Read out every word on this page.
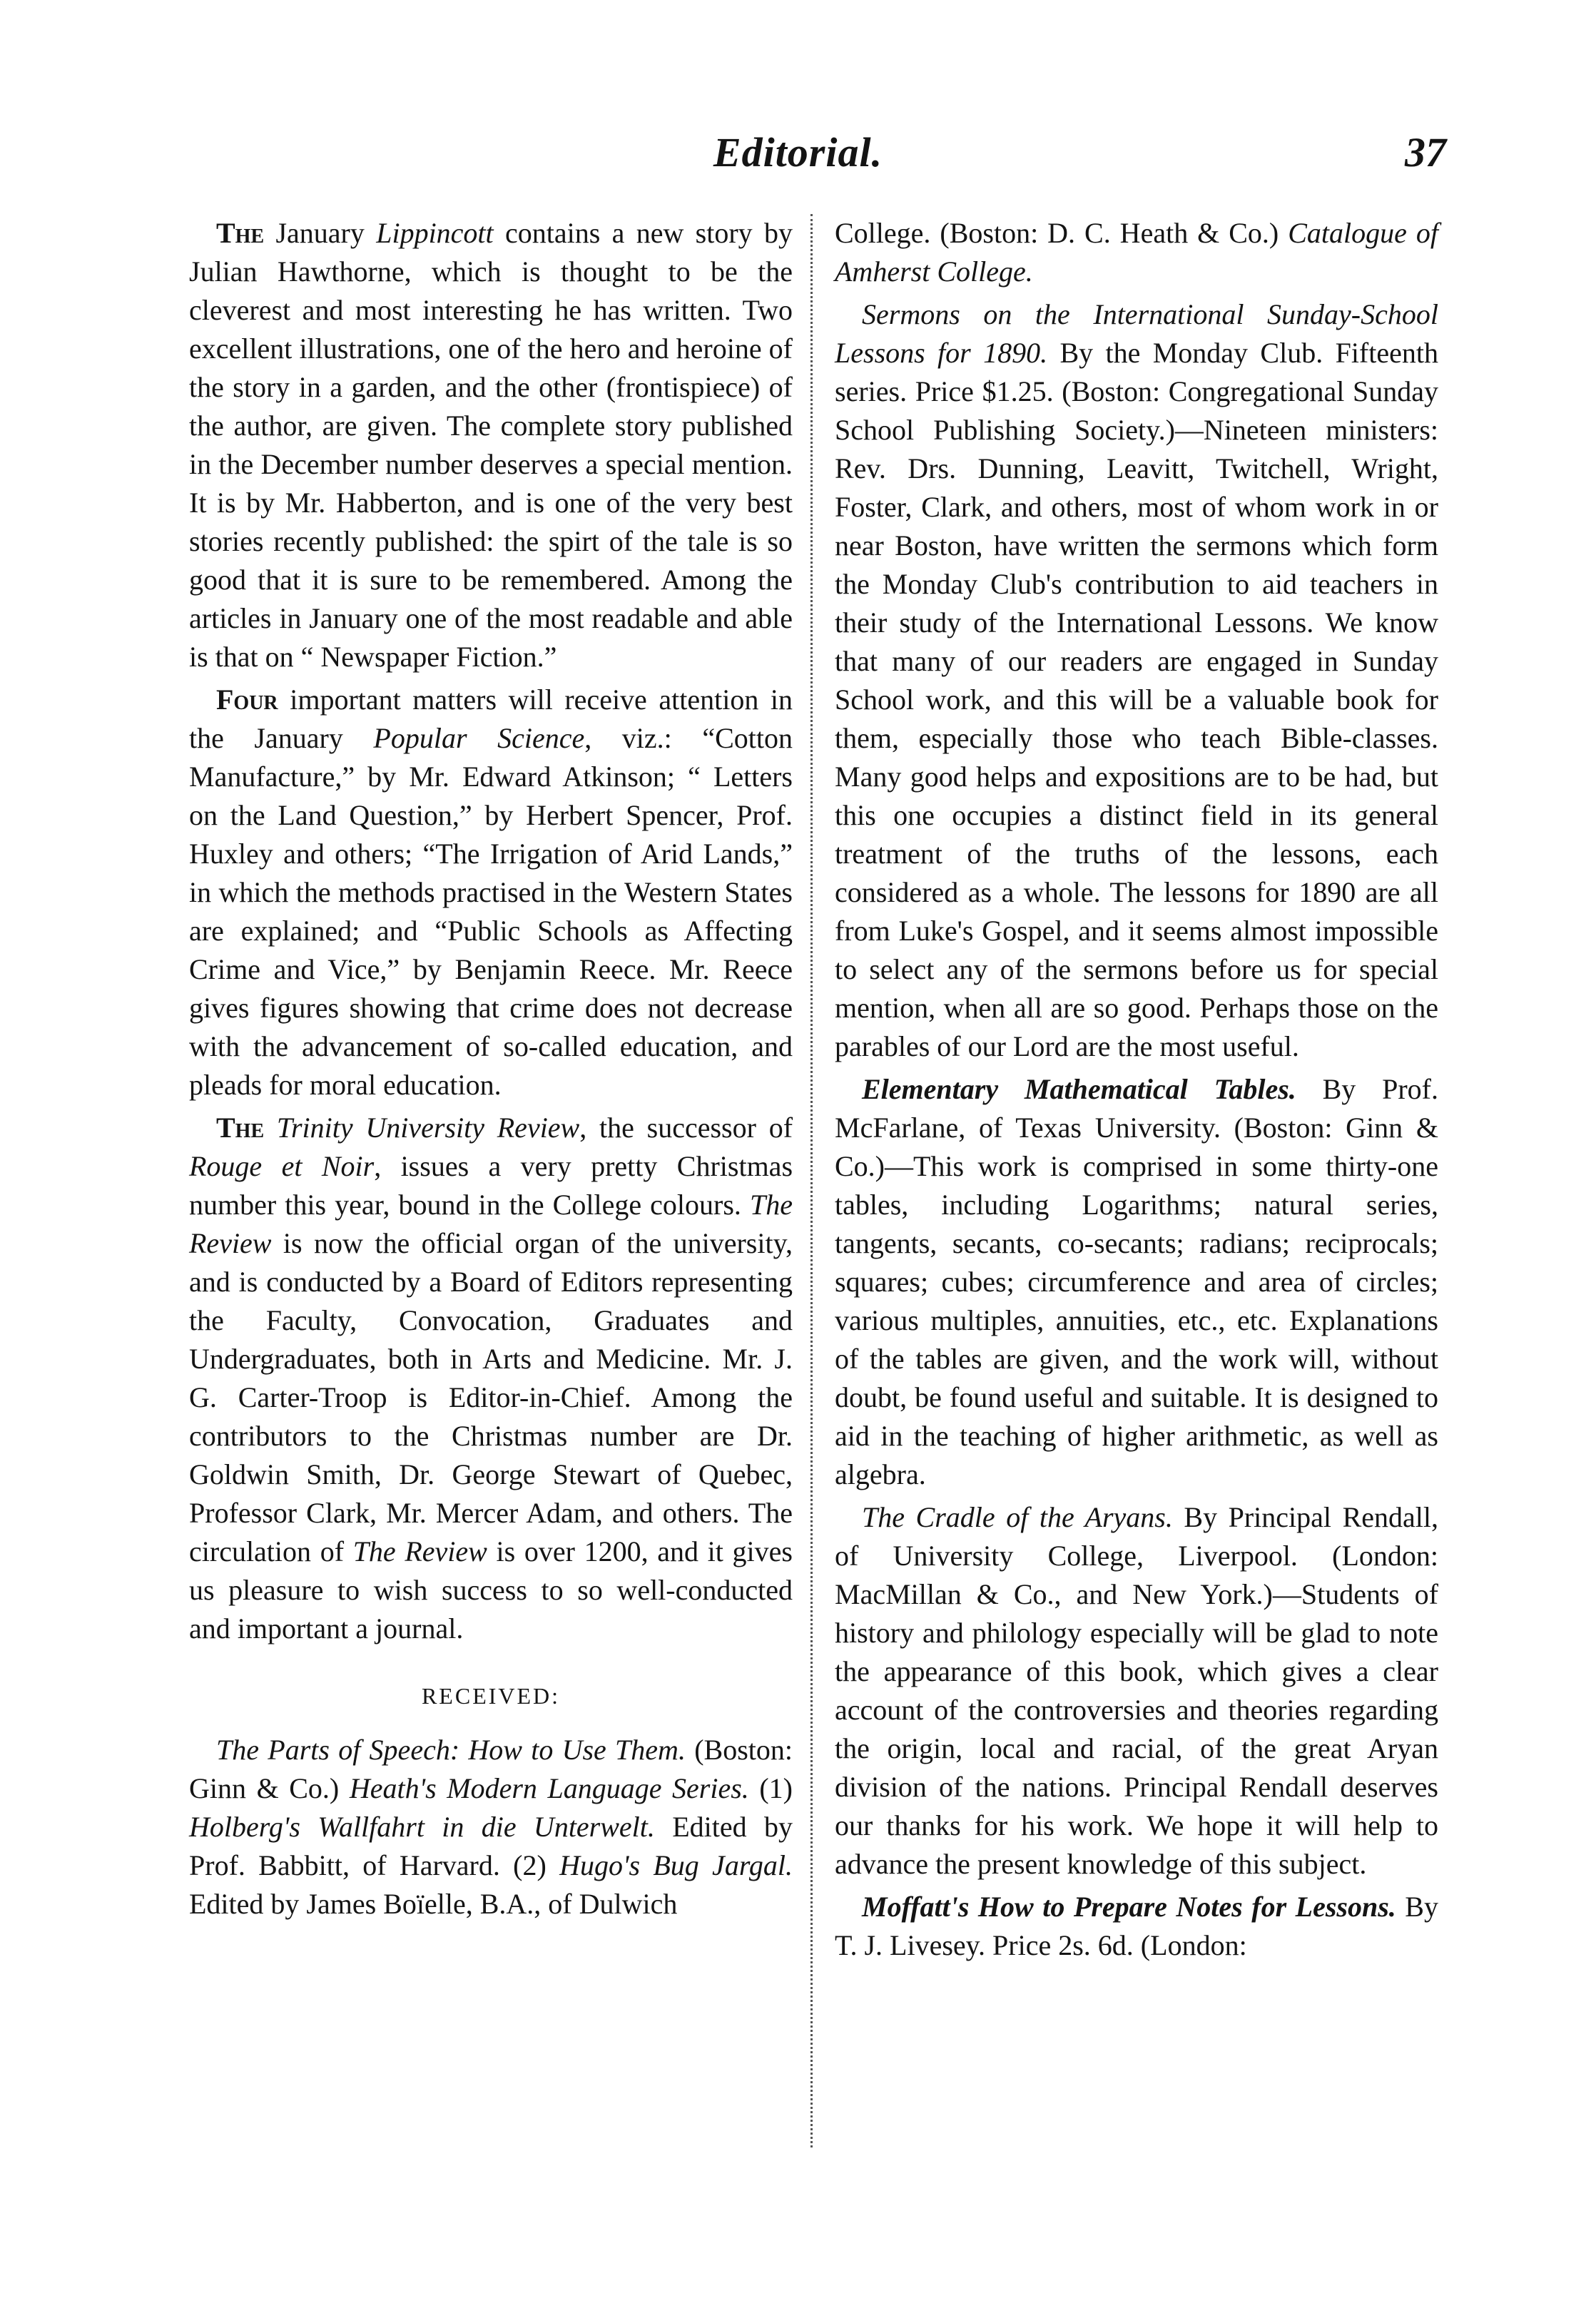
Editorial.	37

The January Lippincott contains a new story by Julian Hawthorne, which is thought to be the cleverest and most interesting he has written. Two excellent illustrations, one of the hero and heroine of the story in a garden, and the other (frontispiece) of the author, are given. The complete story published in the December number deserves a special mention. It is by Mr. Habberton, and is one of the very best stories recently published: the spirt of the tale is so good that it is sure to be remembered. Among the articles in January one of the most readable and able is that on “ Newspaper Fiction.”

Four important matters will receive attention in the January Popular Science, viz.: “Cotton Manufacture,” by Mr. Edward Atkinson; “ Letters on the Land Question,” by Herbert Spencer, Prof. Huxley and others; “The Irrigation of Arid Lands,” in which the methods practised in the Western States are explained; and “Public Schools as Affecting Crime and Vice,” by Benjamin Reece. Mr. Reece gives figures showing that crime does not decrease with the advancement of so-called education, and pleads for moral education.

The Trinity University Review, the successor of Rouge et Noir, issues a very pretty Christmas number this year, bound in the College colours. The Review is now the official organ of the university, and is conducted by a Board of Editors representing the Faculty, Convocation, Graduates and Undergraduates, both in Arts and Medicine. Mr. J. G. Carter-Troop is Editor-in-Chief. Among the contributors to the Christmas number are Dr. Goldwin Smith, Dr. George Stewart of Quebec, Professor Clark, Mr. Mercer Adam, and others. The circulation of The Review is over 1200, and it gives us pleasure to wish success to so well-conducted and important a journal.

RECEIVED:

The Parts of Speech: How to Use Them. (Boston: Ginn & Co.) Heath's Modern Language Series. (1) Holberg's Wallfahrt in die Unterwelt. Edited by Prof. Babbitt, of Harvard. (2) Hugo's Bug Jargal. Edited by James Boïelle, B.A., of Dulwich

College. (Boston: D. C. Heath & Co.) Catalogue of Amherst College.

Sermons on the International Sunday-School Lessons for 1890. By the Monday Club. Fifteenth series. Price $1.25. (Boston: Congregational Sunday School Publishing Society.)—Nineteen ministers: Rev. Drs. Dunning, Leavitt, Twitchell, Wright, Foster, Clark, and others, most of whom work in or near Boston, have written the sermons which form the Monday Club's contribution to aid teachers in their study of the International Lessons. We know that many of our readers are engaged in Sunday School work, and this will be a valuable book for them, especially those who teach Bible-classes. Many good helps and expositions are to be had, but this one occupies a distinct field in its general treatment of the truths of the lessons, each considered as a whole. The lessons for 1890 are all from Luke's Gospel, and it seems almost impossible to select any of the sermons before us for special mention, when all are so good. Perhaps those on the parables of our Lord are the most useful.

Elementary Mathematical Tables. By Prof. McFarlane, of Texas University. (Boston: Ginn & Co.)—This work is comprised in some thirty-one tables, including Logarithms; natural series, tangents, secants, co-secants; radians; reciprocals; squares; cubes; circumference and area of circles; various multiples, annuities, etc., etc. Explanations of the tables are given, and the work will, without doubt, be found useful and suitable. It is designed to aid in the teaching of higher arithmetic, as well as algebra.

The Cradle of the Aryans. By Principal Rendall, of University College, Liverpool. (London: MacMillan & Co., and New York.)—Students of history and philology especially will be glad to note the appearance of this book, which gives a clear account of the controversies and theories regarding the origin, local and racial, of the great Aryan division of the nations. Principal Rendall deserves our thanks for his work. We hope it will help to advance the present knowledge of this subject.

Moffatt's How to Prepare Notes for Lessons. By T. J. Livesey. Price 2s. 6d. (London:
